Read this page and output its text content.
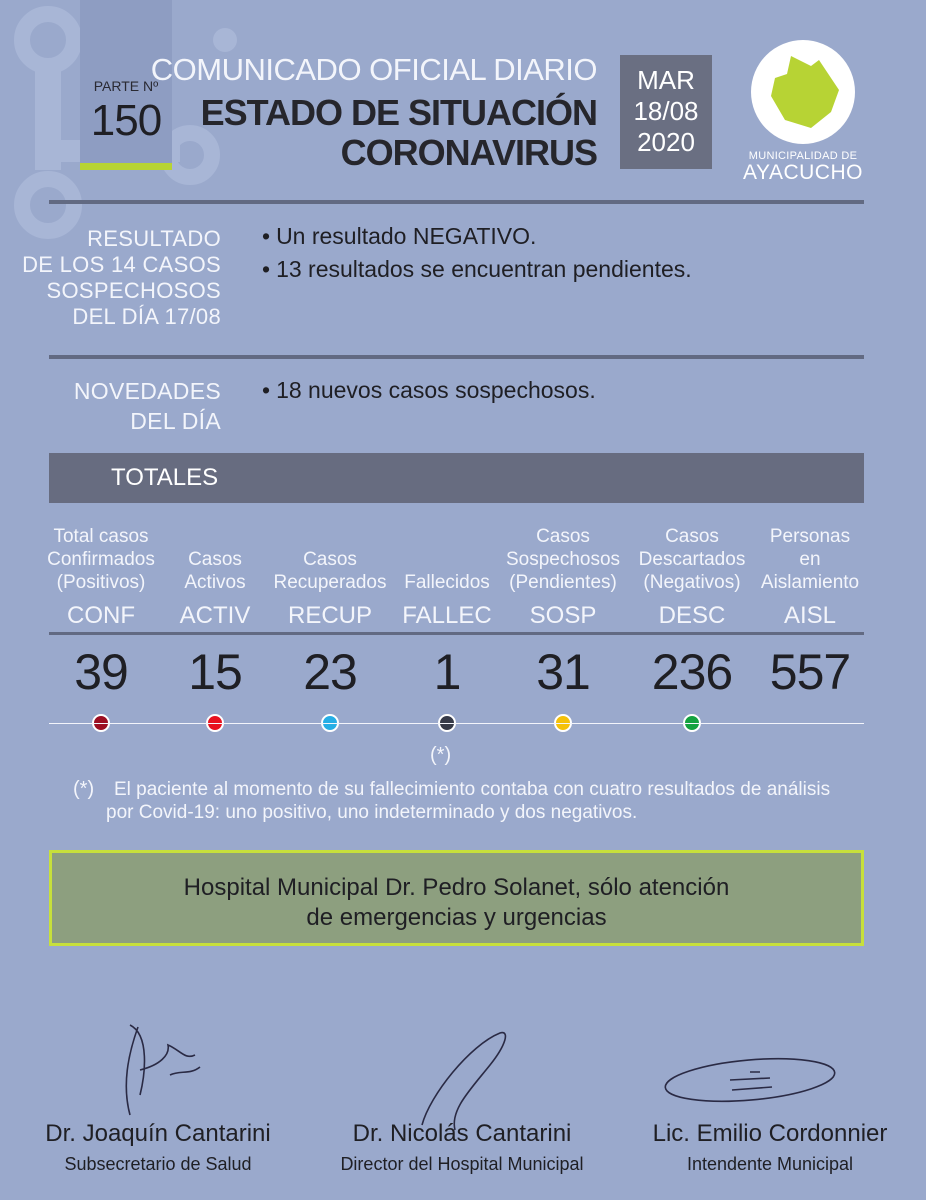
PARTE Nº
150
COMUNICADO OFICIAL DIARIO
ESTADO DE SITUACIÓN
CORONAVIRUS
MAR
18/08
2020	MUNICIPALIDAD DE
AYACUCHO
RESULTADO
DE LOS 14 CASOS
SOSPECHOSOS
DEL DÍA 17/08
• Un resultado NEGATIVO.
• 13 resultados se encuentran pendientes.
NOVEDADES
DEL DÍA
• 18 nuevos casos sospechosos.
TOTALES
Total casos
Confirmados
(Positivos)
CONF
39
Casos
Activos
ACTIV
15
Casos
Recuperados
RECUP
23
Fallecidos
FALLEC
1
Casos
Sospechosos
(Pendientes)
SOSP
31
Casos
Descartados
(Negativos)
DESC
236
Personas
en
Aislamiento
AISL
557
(*)
(*) El paciente al momento de su fallecimiento contaba con cuatro resultados de análisis
por Covid-19: uno positivo, uno indeterminado y dos negativos.
Hospital Municipal Dr. Pedro Solanet, sólo atención
de emergencias y urgencias
Dr. Joaquín Cantarini
Subsecretario de Salud
Dr. Nicolás Cantarini
Director del Hospital Municipal
Lic. Emilio Cordonnier
Intendente Municipal
